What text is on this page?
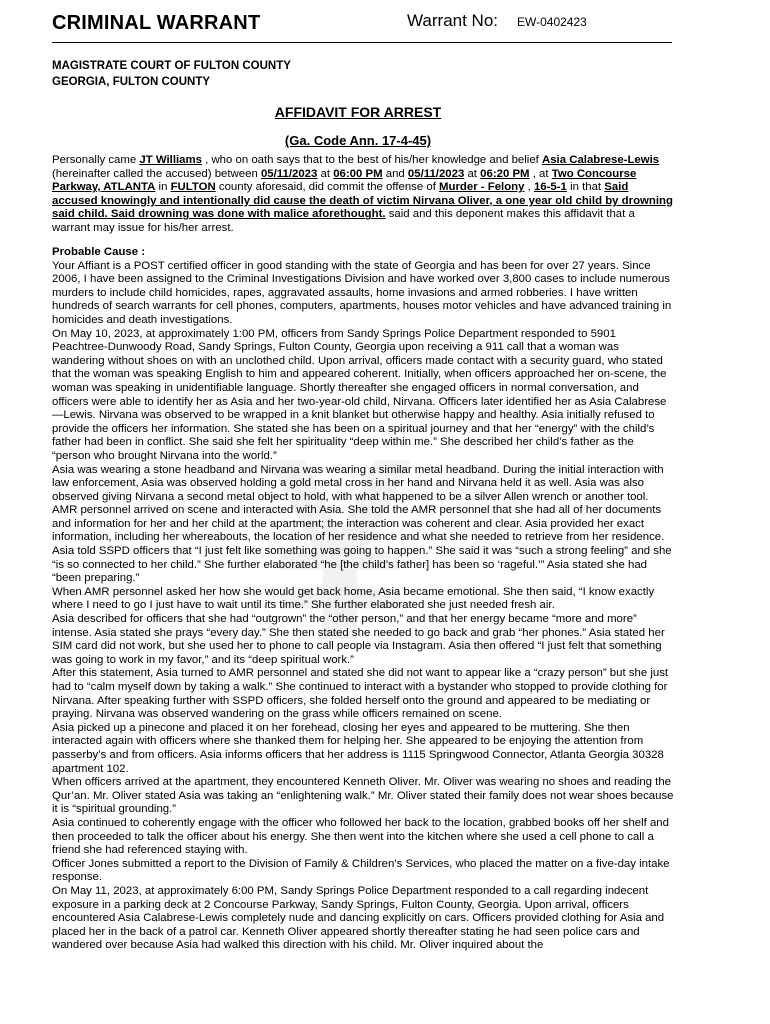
¥
CRIMINAL WARRANT	Warrant No: EW-0402423
MAGISTRATE COURT OF FULTON COUNTY
GEORGIA, FULTON COUNTY
AFFIDAVIT FOR ARREST
(Ga. Code Ann. 17-4-45)
Personally came JT Williams , who on oath says that to the best of his/her knowledge and belief Asia Calabrese-Lewis (hereinafter called the accused) between 05/11/2023 at 06:00 PM and 05/11/2023 at 06:20 PM , at Two Concourse Parkway, ATLANTA in FULTON county aforesaid, did commit the offense of Murder - Felony , 16-5-1 in that Said accused knowingly and intentionally did cause the death of victim Nirvana Oliver, a one year old child by drowning said child. Said drowning was done with malice aforethought. said and this deponent makes this affidavit that a warrant may issue for his/her arrest.
Probable Cause :

Your Affiant is a POST certified officer in good standing with the state of Georgia and has been for over 27 years. Since 2006, I have been assigned to the Criminal Investigations Division and have worked over 3,800 cases to include numerous murders to include child homicides, rapes, aggravated assaults, home invasions and armed robberies. I have written hundreds of search warrants for cell phones, computers, apartments, houses motor vehicles and have advanced training in homicides and death investigations.

On May 10, 2023, at approximately 1:00 PM, officers from Sandy Springs Police Department responded to 5901 Peachtree-Dunwoody Road, Sandy Springs, Fulton County, Georgia upon receiving a 911 call that a woman was wandering without shoes on with an unclothed child. Upon arrival, officers made contact with a security guard, who stated that the woman was speaking English to him and appeared coherent. Initially, when officers approached her on-scene, the woman was speaking in unidentifiable language. Shortly thereafter she engaged officers in normal conversation, and officers were able to identify her as Asia and her two-year-old child, Nirvana. Officers later identified her as Asia Calabrese—Lewis. Nirvana was observed to be wrapped in a knit blanket but otherwise happy and healthy. Asia initially refused to provide the officers her information. She stated she has been on a spiritual journey and that her “energy” with the child’s father had been in conflict. She said she felt her spirituality “deep within me.” She described her child’s father as the “person who brought Nirvana into the world.”

Asia was wearing a stone headband and Nirvana was wearing a similar metal headband. During the initial interaction with law enforcement, Asia was observed holding a gold metal cross in her hand and Nirvana held it as well. Asia was also observed giving Nirvana a second metal object to hold, with what happened to be a silver Allen wrench or another tool.

AMR personnel arrived on scene and interacted with Asia. She told the AMR personnel that she had all of her documents and information for her and her child at the apartment; the interaction was coherent and clear. Asia provided her exact information, including her whereabouts, the location of her residence and what she needed to retrieve from her residence.

Asia told SSPD officers that “I just felt like something was going to happen.” She said it was “such a strong feeling” and she “is so connected to her child.” She further elaborated “he [the child’s father] has been so ‘rageful.’” Asia stated she had “been preparing.”

When AMR personnel asked her how she would get back home, Asia became emotional. She then said, “I know exactly where I need to go I just have to wait until its time.” She further elaborated she just needed fresh air.

Asia described for officers that she had “outgrown” the “other person,” and that her energy became “more and more” intense. Asia stated she prays “every day.” She then stated she needed to go back and grab “her phones.” Asia stated her SIM card did not work, but she used her to phone to call people via Instagram. Asia then offered “I just felt that something was going to work in my favor,” and its “deep spiritual work.”

After this statement, Asia turned to AMR personnel and stated she did not want to appear like a “crazy person” but she just had to “calm myself down by taking a walk.” She continued to interact with a bystander who stopped to provide clothing for Nirvana. After speaking further with SSPD officers, she folded herself onto the ground and appeared to be mediating or praying. Nirvana was observed wandering on the grass while officers remained on scene.

Asia picked up a pinecone and placed it on her forehead, closing her eyes and appeared to be muttering. She then interacted again with officers where she thanked them for helping her. She appeared to be enjoying the attention from passerby’s and from officers. Asia informs officers that her address is 1115 Springwood Connector, Atlanta Georgia 30328 apartment 102.

When officers arrived at the apartment, they encountered Kenneth Oliver. Mr. Oliver was wearing no shoes and reading the Qur’an. Mr. Oliver stated Asia was taking an “enlightening walk.” Mr. Oliver stated their family does not wear shoes because it is “spiritual grounding.”

Asia continued to coherently engage with the officer who followed her back to the location, grabbed books off her shelf and then proceeded to talk the officer about his energy. She then went into the kitchen where she used a cell phone to call a friend she had referenced staying with.

Officer Jones submitted a report to the Division of Family & Children’s Services, who placed the matter on a five-day intake response.

On May 11, 2023, at approximately 6:00 PM, Sandy Springs Police Department responded to a call regarding indecent exposure in a parking deck at 2 Concourse Parkway, Sandy Springs, Fulton County, Georgia. Upon arrival, officers encountered Asia Calabrese-Lewis completely nude and dancing explicitly on cars. Officers provided clothing for Asia and placed her in the back of a patrol car. Kenneth Oliver appeared shortly thereafter stating he had seen police cars and wandered over because Asia had walked this direction with his child. Mr. Oliver inquired about the
